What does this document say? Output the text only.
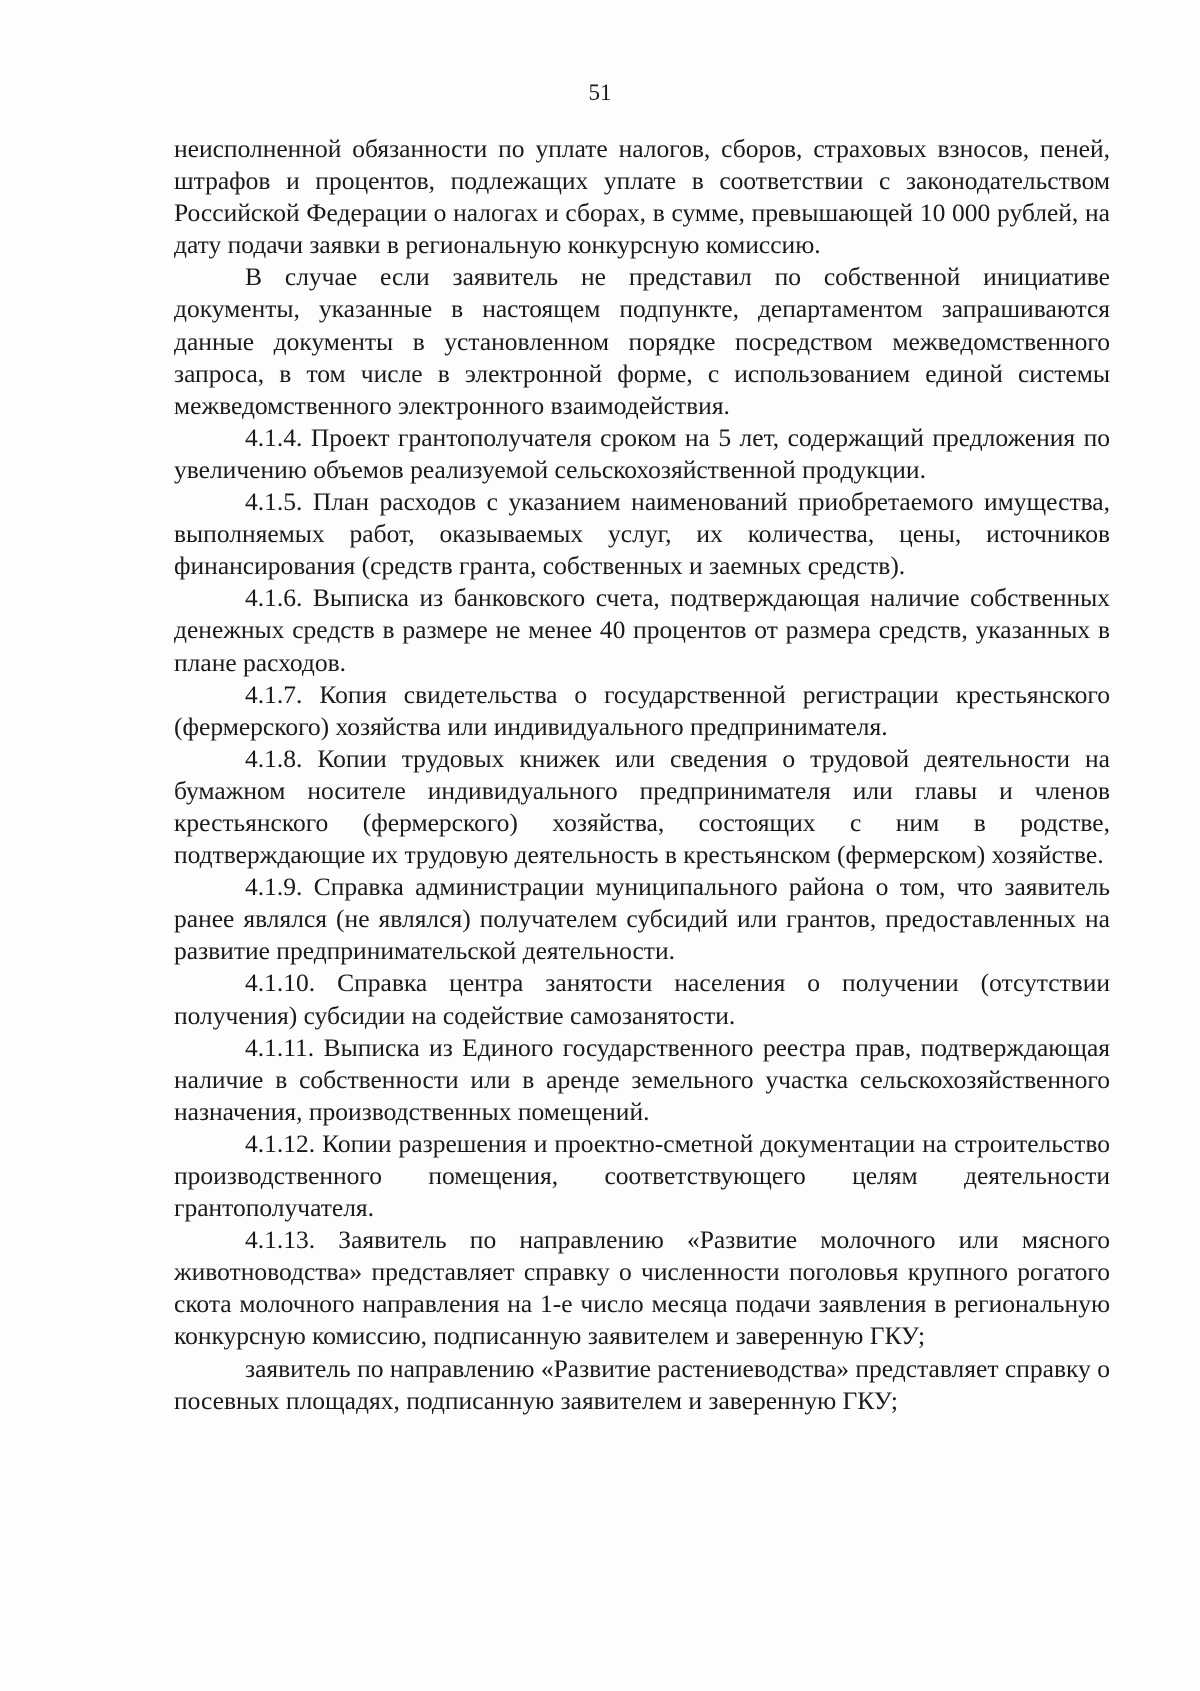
51

неисполненной обязанности по уплате налогов, сборов, страховых взносов, пеней, штрафов и процентов, подлежащих уплате в соответствии с законодательством Российской Федерации о налогах и сборах, в сумме, превышающей 10 000 рублей, на дату подачи заявки в региональную конкурсную комиссию.

В случае если заявитель не представил по собственной инициативе документы, указанные в настоящем подпункте, департаментом запрашиваются данные документы в установленном порядке посредством межведомственного запроса, в том числе в электронной форме, с использованием единой системы межведомственного электронного взаимодействия.

4.1.4. Проект грантополучателя сроком на 5 лет, содержащий предложения по увеличению объемов реализуемой сельскохозяйственной продукции.

4.1.5. План расходов с указанием наименований приобретаемого имущества, выполняемых работ, оказываемых услуг, их количества, цены, источников финансирования (средств гранта, собственных и заемных средств).

4.1.6. Выписка из банковского счета, подтверждающая наличие собственных денежных средств в размере не менее 40 процентов от размера средств, указанных в плане расходов.

4.1.7. Копия свидетельства о государственной регистрации крестьянского (фермерского) хозяйства или индивидуального предпринимателя.

4.1.8. Копии трудовых книжек или сведения о трудовой деятельности на бумажном носителе индивидуального предпринимателя или главы и членов крестьянского (фермерского) хозяйства, состоящих с ним в родстве, подтверждающие их трудовую деятельность в крестьянском (фермерском) хозяйстве.

4.1.9. Справка администрации муниципального района о том, что заявитель ранее являлся (не являлся) получателем субсидий или грантов, предоставленных на развитие предпринимательской деятельности.

4.1.10. Справка центра занятости населения о получении (отсутствии получения) субсидии на содействие самозанятости.

4.1.11. Выписка из Единого государственного реестра прав, подтверждающая наличие в собственности или в аренде земельного участка сельскохозяйственного назначения, производственных помещений.

4.1.12. Копии разрешения и проектно-сметной документации на строительство производственного помещения, соответствующего целям деятельности грантополучателя.

4.1.13. Заявитель по направлению «Развитие молочного или мясного животноводства» представляет справку о численности поголовья крупного рогатого скота молочного направления на 1-е число месяца подачи заявления в региональную конкурсную комиссию, подписанную заявителем и заверенную ГКУ;

заявитель по направлению «Развитие растениеводства» представляет справку о посевных площадях, подписанную заявителем и заверенную ГКУ;
